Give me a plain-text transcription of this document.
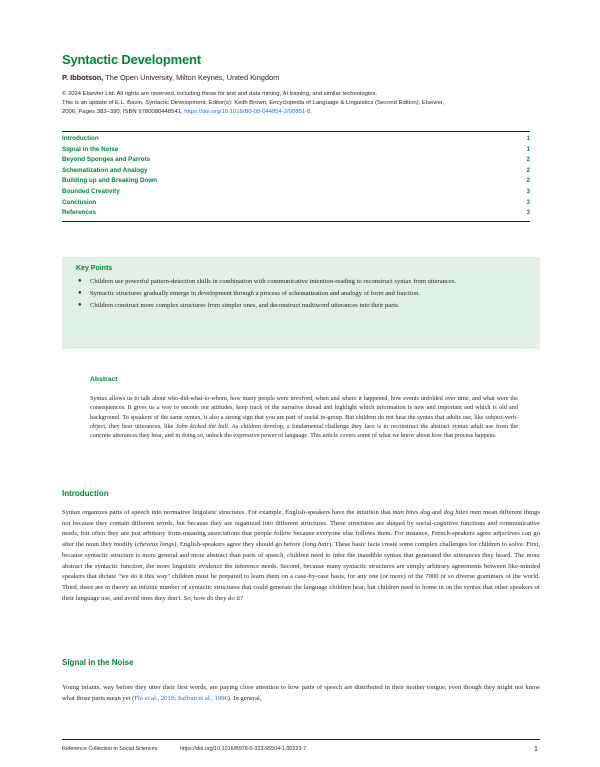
Syntactic Development
P. Ibbotson, The Open University, Milton Keynes, United Kingdom
© 2024 Elsevier Ltd. All rights are reserved, including those for text and data mining, AI training, and similar technologies.
This is an update of E.L. Bavin, Syntactic Development. Editor(s): Keith Brown, Encyclopedia of Language & Linguistics (Second Edition), Elsevier,
2006, Pages 383–390, ISBN 9780080448541, https://doi.org/10.1016/B0-08-044854-2/00851-8.
Introduction	1
Signal in the Noise	1
Beyond Sponges and Parrots	2
Schematization and Analogy	2
Building up and Breaking Down	2
Bounded Creativity	3
Conclusion	3
References	3
Key Points
●	Children use powerful pattern-detection skills in combination with communicative intention-reading to reconstruct syntax from utterances.
●	Syntactic structures gradually emerge in development through a process of schematization and analogy of form and function.
●	Children construct more complex structures from simpler ones, and deconstruct multiword utterances into their parts.
Abstract
Syntax allows us to talk about who-did-what-to-whom, how many people were involved, when and where it happened, how events unfolded over time, and what were the consequences. It gives us a way to encode our attitudes, keep track of the narrative thread and highlight which information is new and important and which is old and background. To speakers of the same syntax, it also a strong sign that you are part of social in-group. But children do not hear the syntax that adults use, like subject-verb-object, they hear utterances, like John kicked the ball. As children develop, a fundamental challenge they face is to reconstruct the abstract syntax adult use from the concrete utterances they hear, and in doing so, unlock the expressive power of language. This article covers some of what we know about how that process happens.
Introduction
Syntax organizes parts of speech into normative linguistic structures. For example, English-speakers have the intuition that man bites dog and dog bites man mean different things not because they contain different words, but because they are organized into different structures. These structures are shaped by social-cognitive functions and communicative needs, but often they are just arbitrary form-meaning associations that people follow because everyone else follows them. For instance, French-speakers agree adjectives can go after the noun they modify (cheveux longs), English-speakers agree they should go before (long hair). These basic facts create some complex challenges for children to solve. First, because syntactic structure is more general and more abstract than parts of speech, children need to infer the inaudible syntax that generated the utterances they heard. The more abstract the syntactic function, the more linguistic evidence the inference needs. Second, because many syntactic structures are simply arbitrary agreements between like-minded speakers that dictate "we do it this way" children must be prepared to learn them on a case-by-case basis, for any one (or more) of the 7000 or so diverse grammars of the world. Third, there are in theory an infinite number of syntactic structures that could generate the language children hear, but children need to home in on the syntax that other speakers of their language use, and avoid ones they don't. So, how do they do it?
Signal in the Noise
Young infants, way before they utter their first words, are paying close attention to how parts of speech are distributed in their mother tongue, even though they might not know what those parts mean yet (Fló et al., 2019; Saffran et al., 1996). In general,
Reference Collection in Social Sciences	https://doi.org/10.1016/B978-0-323-95504-1.00223-7	1
